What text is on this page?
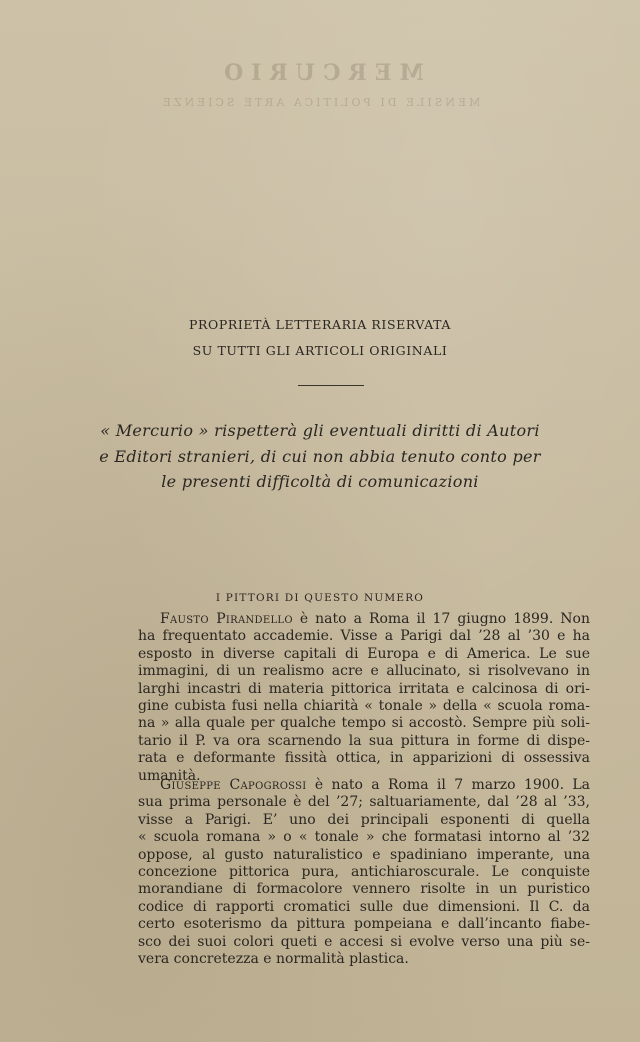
MERCURIO
MENSILE DI POLITICA ARTE SCIENZE
PROPRIETÀ LETTERARIA RISERVATA
SU TUTTI GLI ARTICOLI ORIGINALI
« Mercurio » rispetterà gli eventuali diritti di Autori
e Editori stranieri, di cui non abbia tenuto conto per
le presenti difficoltà di comunicazioni
I PITTORI DI QUESTO NUMERO
Fausto Pirandello è nato a Roma il 17 giugno 1899. Non
ha frequentato accademie. Visse a Parigi dal ’28 al ’30 e ha
esposto in diverse capitali di Europa e di America. Le sue
immagini, di un realismo acre e allucinato, si risolvevano in
larghi incastri di materia pittorica irritata e calcinosa di ori-
gine cubista fusi nella chiarità « tonale » della « scuola roma-
na » alla quale per qualche tempo si accostò. Sempre più soli-
tario il P. va ora scarnendo la sua pittura in forme di dispe-
rata e deformante fissità ottica, in apparizioni di ossessiva
umanità.
Giuseppe Capogrossi è nato a Roma il 7 marzo 1900. La
sua prima personale è del ’27; saltuariamente, dal ’28 al ’33,
visse a Parigi. E’ uno dei principali esponenti di quella
« scuola romana » o « tonale » che formatasi intorno al ’32
oppose, al gusto naturalistico e spadiniano imperante, una
concezione pittorica pura, antichiaroscurale. Le conquiste
morandiane di formacolore vennero risolte in un puristico
codice di rapporti cromatici sulle due dimensioni. Il C. da
certo esoterismo da pittura pompeiana e dall’incanto fiabe-
sco dei suoi colori queti e accesi si evolve verso una più se-
vera concretezza e normalità plastica.
